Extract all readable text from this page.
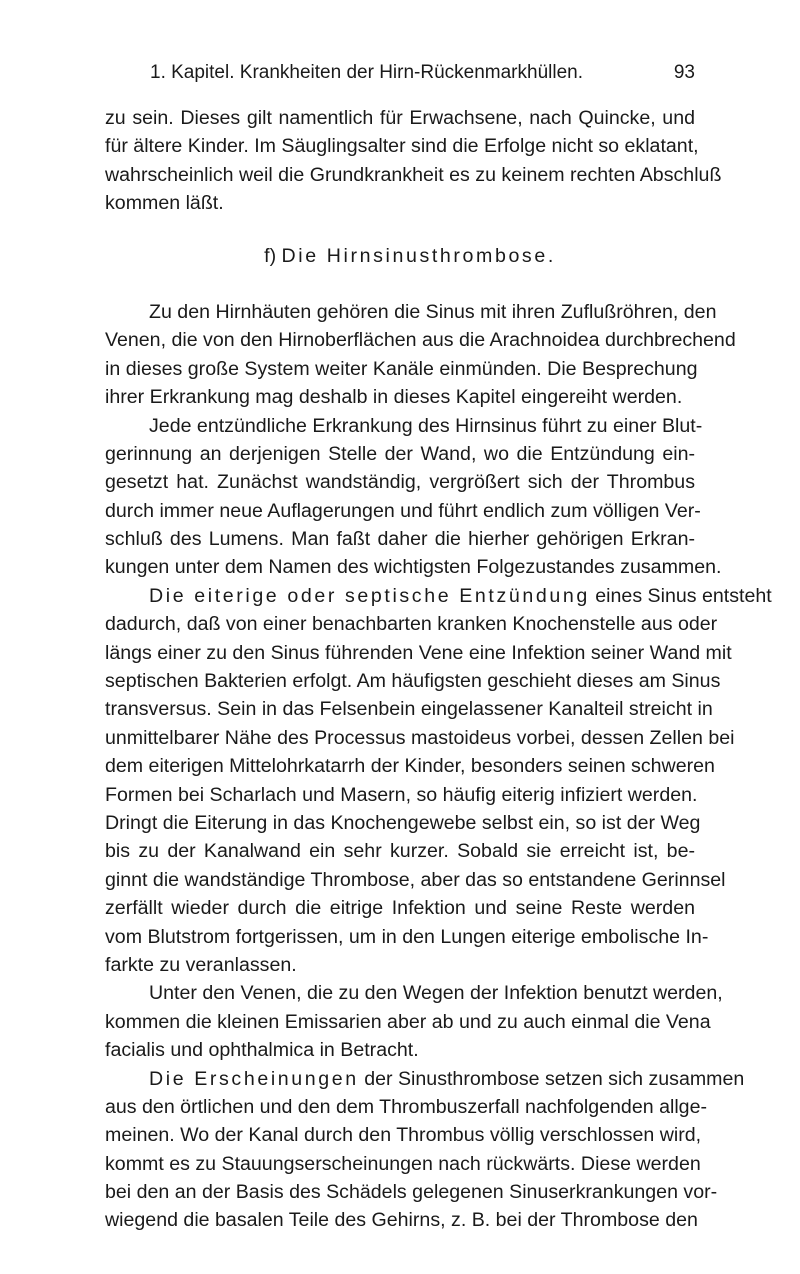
1. Kapitel. Krankheiten der Hirn-Rückenmarkhüllen.	93
zu sein. Dieses gilt namentlich für Erwachsene, nach Quincke, und
für ältere Kinder. Im Säuglingsalter sind die Erfolge nicht so eklatant,
wahrscheinlich weil die Grundkrankheit es zu keinem rechten Abschluß
kommen läßt.
f) Die Hirnsinusthrombose.
Zu den Hirnhäuten gehören die Sinus mit ihren Zuflußröhren, den
Venen, die von den Hirnoberflächen aus die Arachnoidea durchbrechend
in dieses große System weiter Kanäle einmünden. Die Besprechung
ihrer Erkrankung mag deshalb in dieses Kapitel eingereiht werden.
Jede entzündliche Erkrankung des Hirnsinus führt zu einer Blut-
gerinnung an derjenigen Stelle der Wand, wo die Entzündung ein-
gesetzt hat. Zunächst wandständig, vergrößert sich der Thrombus
durch immer neue Auflagerungen und führt endlich zum völligen Ver-
schluß des Lumens. Man faßt daher die hierher gehörigen Erkran-
kungen unter dem Namen des wichtigsten Folgezustandes zusammen.
Die eiterige oder septische Entzündung eines Sinus entsteht
dadurch, daß von einer benachbarten kranken Knochenstelle aus oder
längs einer zu den Sinus führenden Vene eine Infektion seiner Wand mit
septischen Bakterien erfolgt. Am häufigsten geschieht dieses am Sinus
transversus. Sein in das Felsenbein eingelassener Kanalteil streicht in
unmittelbarer Nähe des Processus mastoideus vorbei, dessen Zellen bei
dem eiterigen Mittelohrkatarrh der Kinder, besonders seinen schweren
Formen bei Scharlach und Masern, so häufig eiterig infiziert werden.
Dringt die Eiterung in das Knochengewebe selbst ein, so ist der Weg
bis zu der Kanalwand ein sehr kurzer. Sobald sie erreicht ist, be-
ginnt die wandständige Thrombose, aber das so entstandene Gerinnsel
zerfällt wieder durch die eitrige Infektion und seine Reste werden
vom Blutstrom fortgerissen, um in den Lungen eiterige embolische In-
farkte zu veranlassen.
Unter den Venen, die zu den Wegen der Infektion benutzt werden,
kommen die kleinen Emissarien aber ab und zu auch einmal die Vena
facialis und ophthalmica in Betracht.
Die Erscheinungen der Sinusthrombose setzen sich zusammen
aus den örtlichen und den dem Thrombuszerfall nachfolgenden allge-
meinen. Wo der Kanal durch den Thrombus völlig verschlossen wird,
kommt es zu Stauungserscheinungen nach rückwärts. Diese werden
bei den an der Basis des Schädels gelegenen Sinuserkrankungen vor-
wiegend die basalen Teile des Gehirns, z. B. bei der Thrombose den
